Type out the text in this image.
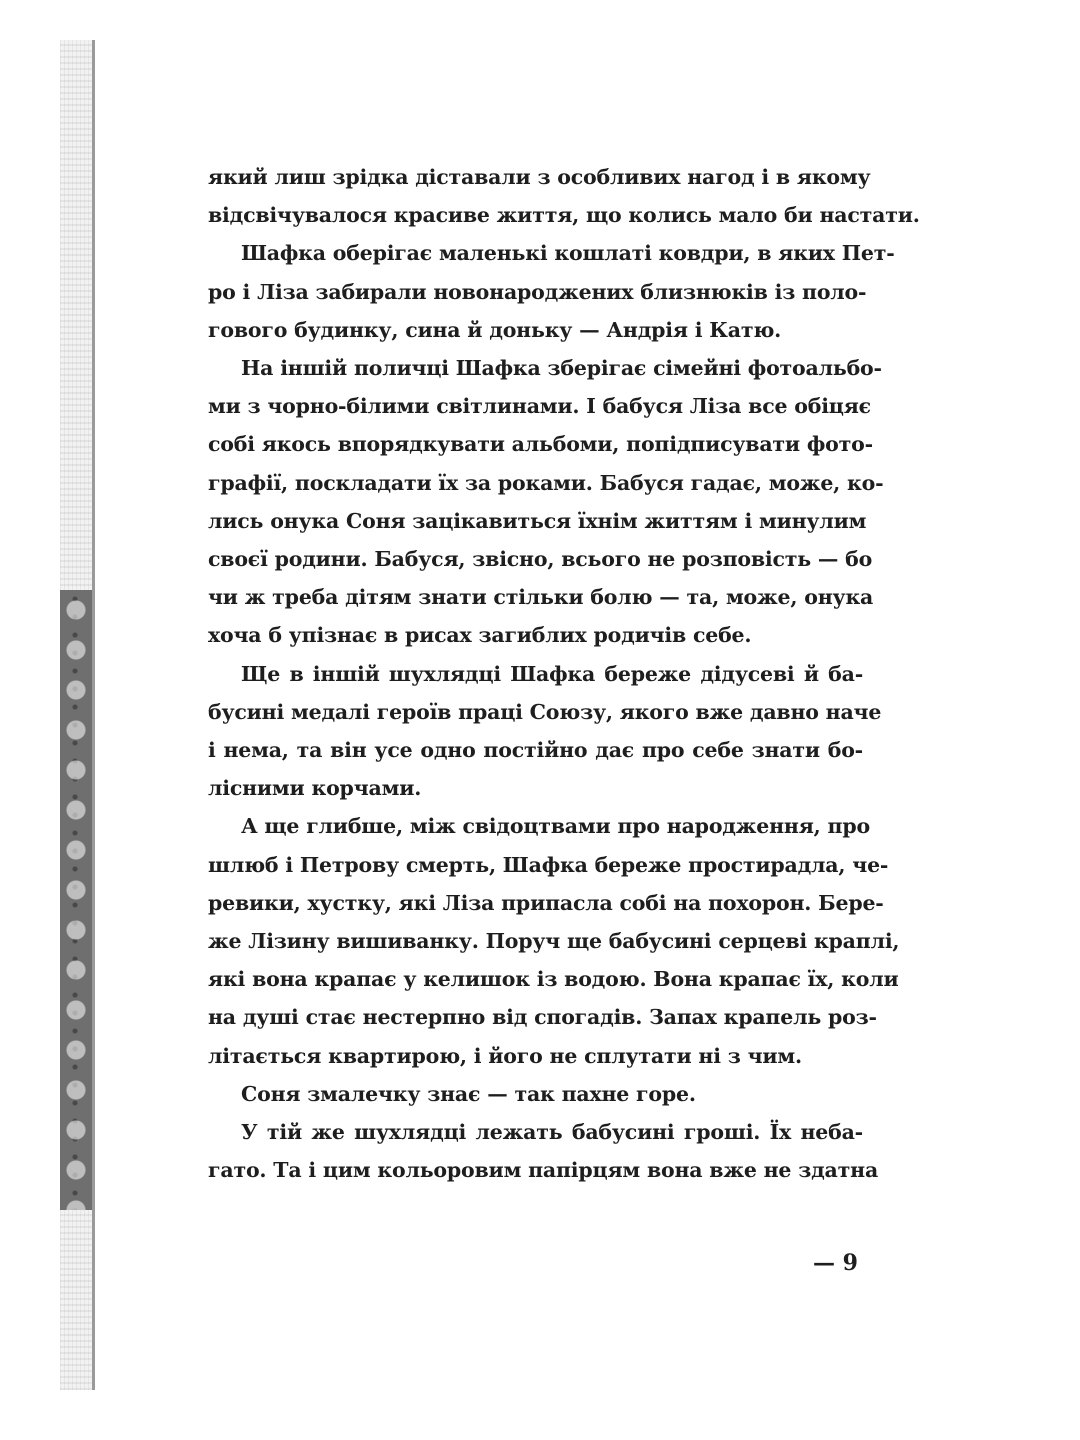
який лиш зрідка діставали з особливих нагод і в якому
відсвічувалося красиве життя, що колись мало би настати.
Шафка оберігає маленькі кошлаті ковдри, в яких Пет-
ро і Ліза забирали новонароджених близнюків із поло-
гового будинку, сина й доньку — Андрія і Катю.
На іншій поличці Шафка зберігає сімейні фотоальбо-
ми з чорно-білими світлинами. І бабуся Ліза все обіцяє
собі якось впорядкувати альбоми, попідписувати фото-
графії, поскладати їх за роками. Бабуся гадає, може, ко-
лись онука Соня зацікавиться їхнім життям і минулим
своєї родини. Бабуся, звісно, всього не розповість — бо
чи ж треба дітям знати стільки болю — та, може, онука
хоча б упізнає в рисах загиблих родичів себе.
Ще в іншій шухлядці Шафка береже дідусеві й ба-
бусині медалі героїв праці Союзу, якого вже давно наче
і нема, та він усе одно постійно дає про себе знати бо-
лісними корчами.
А ще глибше, між свідоцтвами про народження, про
шлюб і Петрову смерть, Шафка береже простирадла, че-
ревики, хустку, які Ліза припасла собі на похорон. Бере-
же Лізину вишиванку. Поруч ще бабусині серцеві краплі,
які вона крапає у келишок із водою. Вона крапає їх, коли
на душі стає нестерпно від спогадів. Запах крапель роз-
літається квартирою, і його не сплутати ні з чим.
Соня змалечку знає — так пахне горе.
У тій же шухлядці лежать бабусині гроші. Їх неба-
гато. Та і цим кольоровим папірцям вона вже не здатна
— 9
